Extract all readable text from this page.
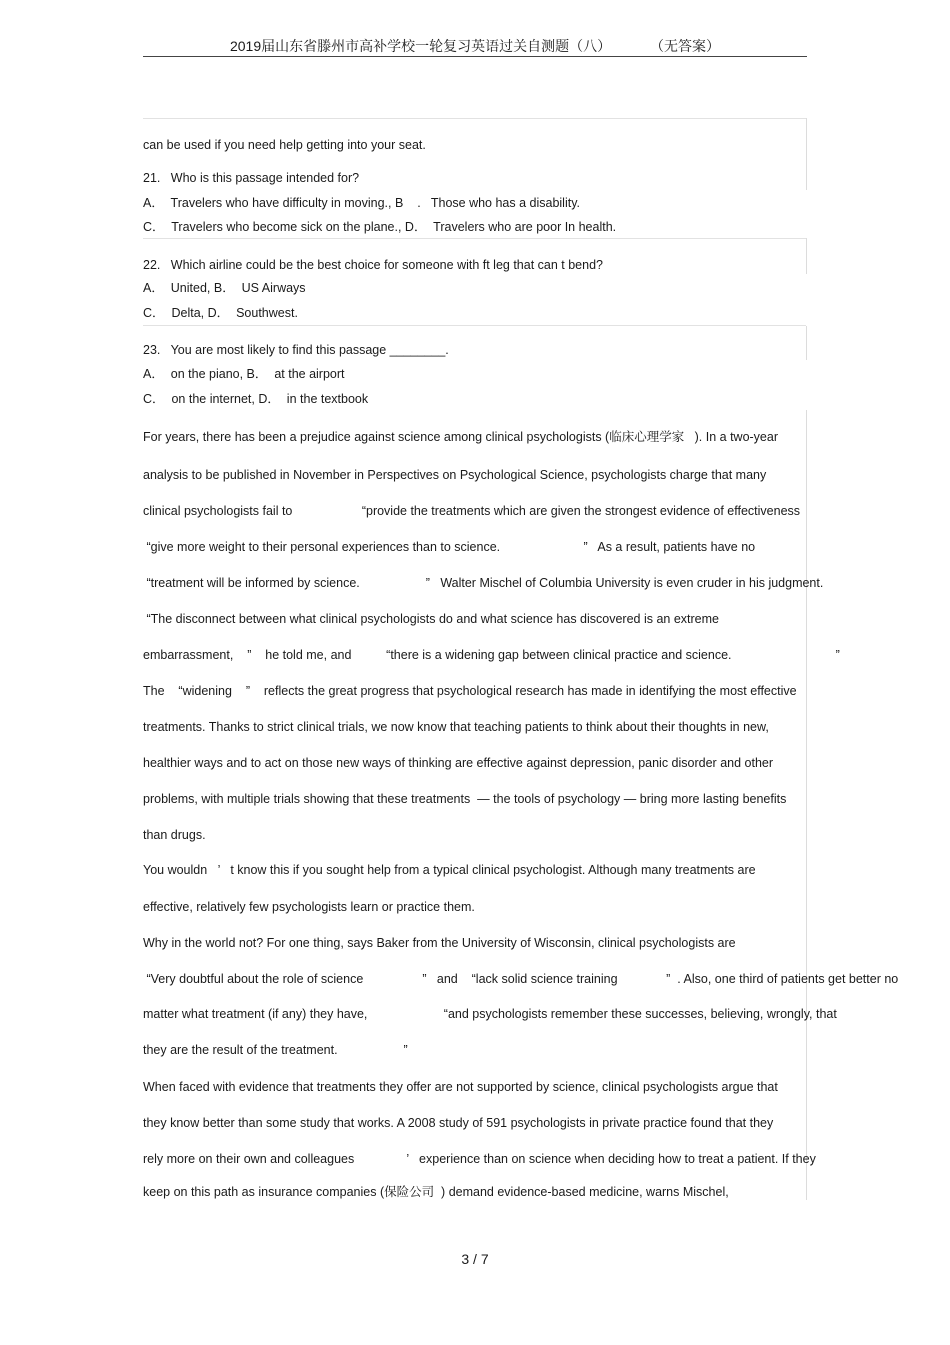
2019届山东省滕州市高补学校一轮复习英语过关自测题（八）	（无答案）
can be used if you need help getting into your seat.
21.   Who is this passage intended for?
A．  Travelers who have difficulty in moving., B    .   Those who has a disability.
C．  Travelers who become sick on the plane., D．  Travelers who are poor In health.
22.   Which airline could be the best choice for someone with ft leg that can t bend?
A．  United, B．  US Airways
C．  Delta, D．  Southwest.
23.   You are most likely to find this passage ________.
A．  on the piano, B．  at the airport
C．  on the internet, D．  in the textbook
For years, there has been a prejudice against science among clinical psychologists (临床心理学家   ). In a two-year
analysis to be published in November in Perspectives on Psychological Science, psychologists charge that many
clinical psychologists fail to                    “provide the treatments which are given the strongest evidence of effectiveness
“give more weight to their personal experiences than to science.                        ”   As a result, patients have no
“treatment will be informed by science.                   ”   Walter Mischel of Columbia University is even cruder in his judgment.
“The disconnect between what clinical psychologists do and what science has discovered is an extreme
embarrassment,    ”    he told me, and          “there is a widening gap between clinical practice and science.                              ”
The    “widening    ”    reflects the great progress that psychological research has made in identifying the most effective
treatments. Thanks to strict clinical trials, we now know that teaching patients to think about their thoughts in new,
healthier ways and to act on those new ways of thinking are effective against depression, panic disorder and other
problems, with multiple trials showing that these treatments  — the tools of psychology — bring more lasting benefits
than drugs.
You wouldn   ’   t know this if you sought help from a typical clinical psychologist. Although many treatments are
effective, relatively few psychologists learn or practice them.
Why in the world not? For one thing, says Baker from the University of Wisconsin, clinical psychologists are
“Very doubtful about the role of science                 ”   and    “lack solid science training              ”  . Also, one third of patients get better no
matter what treatment (if any) they have,                      “and psychologists remember these successes, believing, wrongly, that
they are the result of the treatment.                   ”
When faced with evidence that treatments they offer are not supported by science, clinical psychologists argue that
they know better than some study that works. A 2008 study of 591 psychologists in private practice found that they
rely more on their own and colleagues               ’   experience than on science when deciding how to treat a patient. If they
keep on this path as insurance companies (保险公司  ) demand evidence-based medicine, warns Mischel,
3 / 7
